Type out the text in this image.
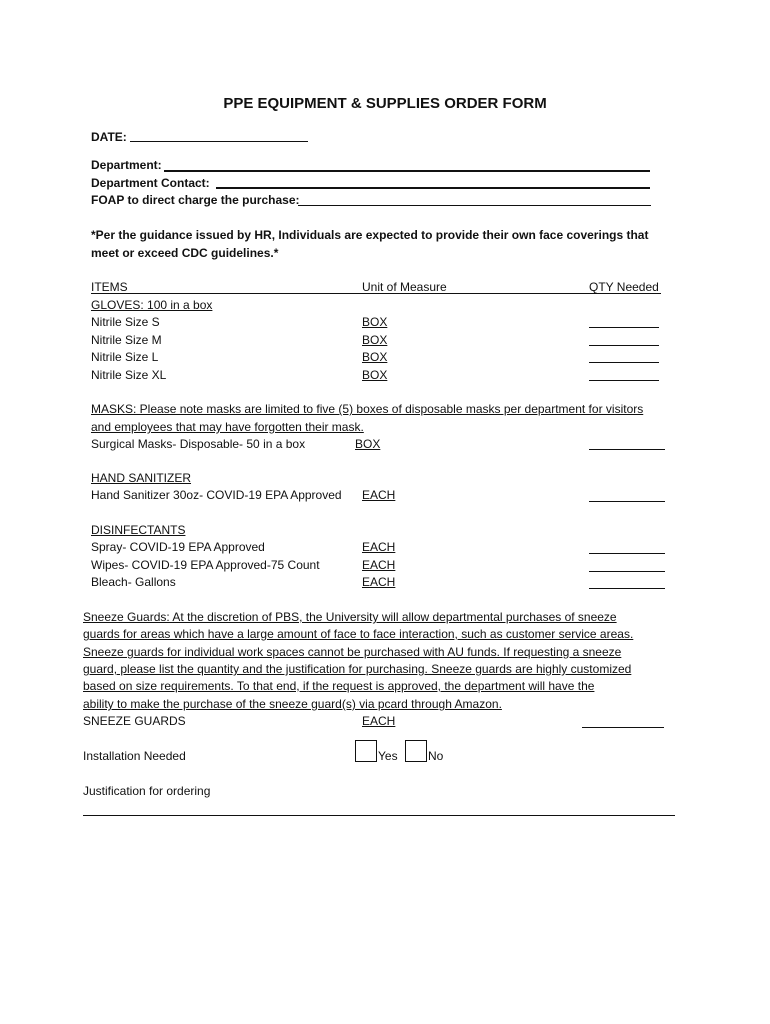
PPE EQUIPMENT & SUPPLIES ORDER FORM
DATE:
Department:
Department Contact:
FOAP to direct charge the purchase:
*Per the guidance issued by HR, Individuals are expected to provide their own face coverings that
meet or exceed CDC guidelines.*
ITEMS	Unit of Measure	QTY Needed
GLOVES: 100 in a box
Nitrile Size S	BOX
Nitrile Size M	BOX
Nitrile Size L	BOX
Nitrile Size XL	BOX
MASKS: Please note masks are limited to five (5) boxes of disposable masks per department for visitors
and employees that may have forgotten their mask.
Surgical Masks- Disposable- 50 in a box	BOX
HAND SANITIZER
Hand Sanitizer 30oz- COVID-19 EPA Approved EACH
DISINFECTANTS
Spray- COVID-19 EPA Approved	EACH
Wipes- COVID-19 EPA Approved-75 Count	EACH
Bleach- Gallons	EACH
Sneeze Guards: At the discretion of PBS, the University will allow departmental purchases of sneeze
guards for areas which have a large amount of face to face interaction, such as customer service areas.
Sneeze guards for individual work spaces cannot be purchased with AU funds. If requesting a sneeze
guard, please list the quantity and the justification for purchasing. Sneeze guards are highly customized
based on size requirements. To that end, if the request is approved, the department will have the
ability to make the purchase of the sneeze guard(s) via pcard through Amazon.
SNEEZE GUARDS	EACH
Installation Needed	Yes	No
Justification for ordering
